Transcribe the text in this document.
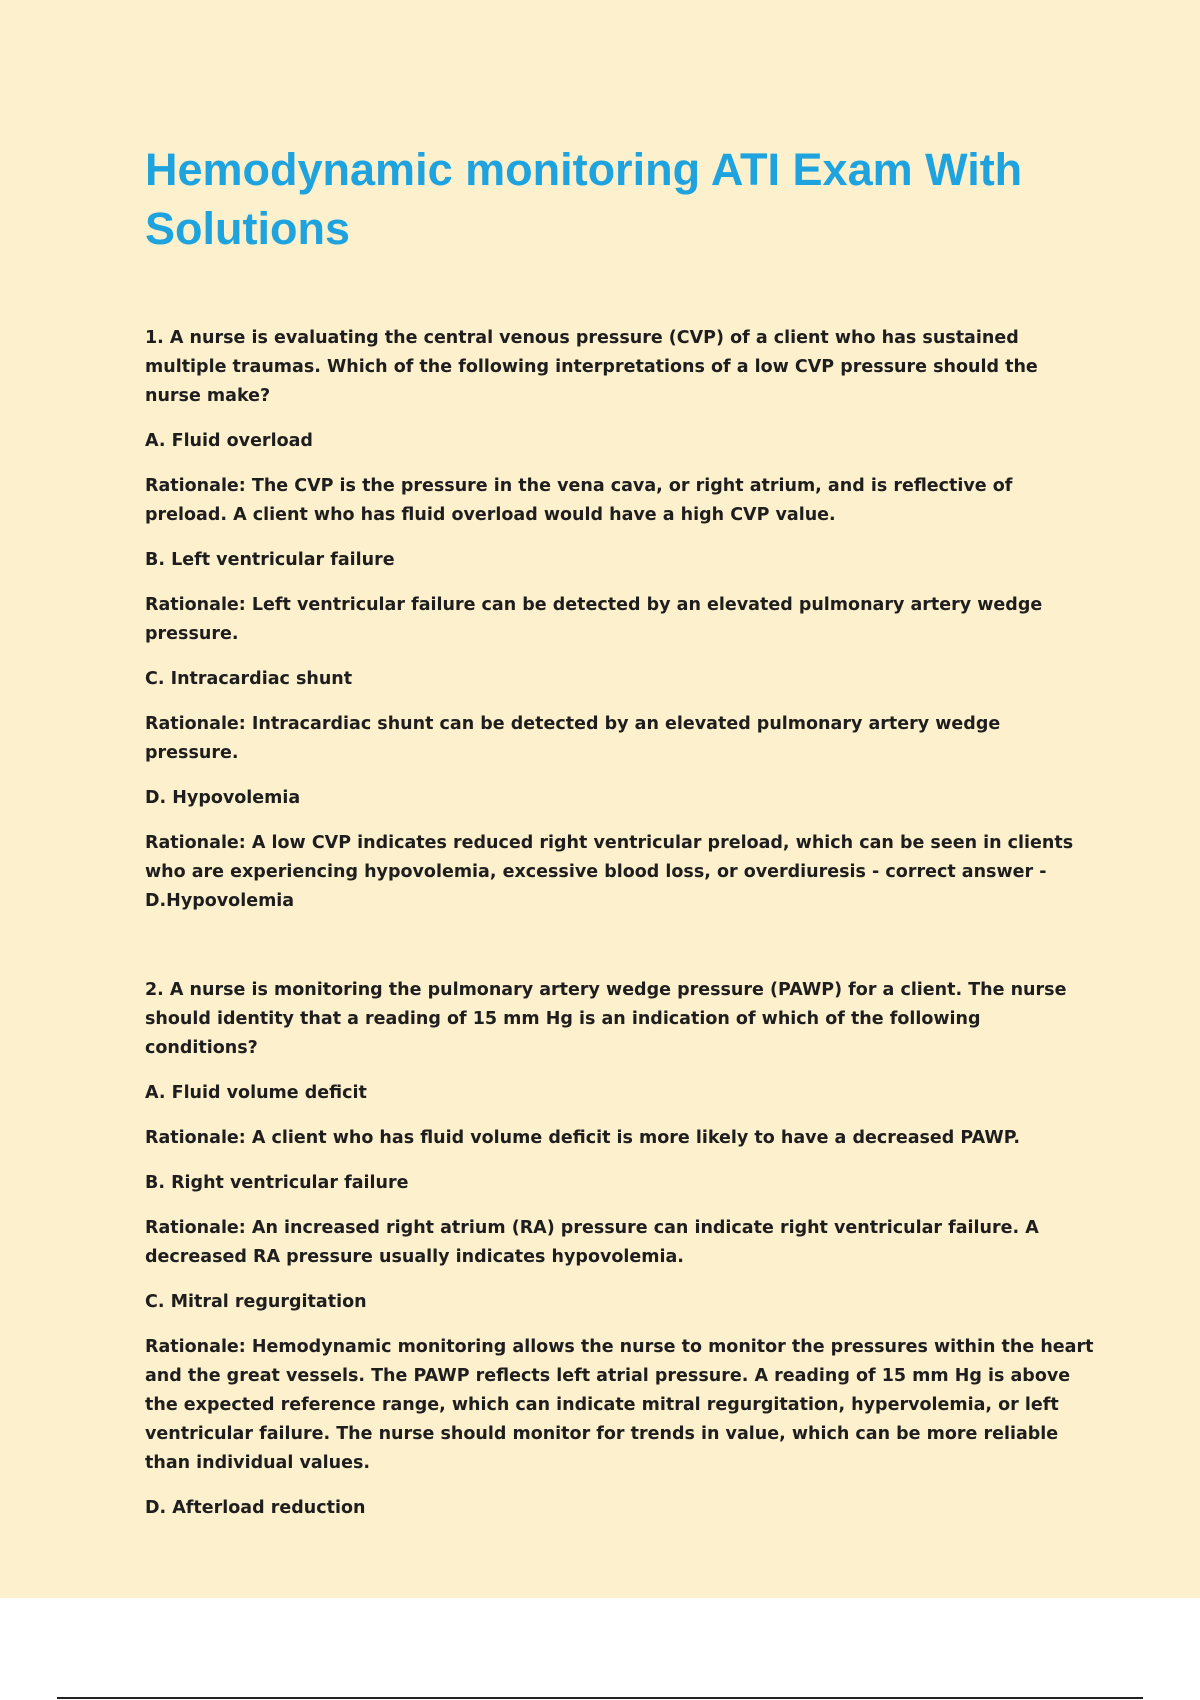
Hemodynamic monitoring ATI Exam With Solutions

1. A nurse is evaluating the central venous pressure (CVP) of a client who has sustained multiple traumas. Which of the following interpretations of a low CVP pressure should the nurse make?

A. Fluid overload

Rationale: The CVP is the pressure in the vena cava, or right atrium, and is reflective of preload. A client who has fluid overload would have a high CVP value.

B. Left ventricular failure

Rationale: Left ventricular failure can be detected by an elevated pulmonary artery wedge pressure.

C. Intracardiac shunt

Rationale: Intracardiac shunt can be detected by an elevated pulmonary artery wedge pressure.

D. Hypovolemia

Rationale: A low CVP indicates reduced right ventricular preload, which can be seen in clients who are experiencing hypovolemia, excessive blood loss, or overdiuresis - correct answer - D.Hypovolemia

2. A nurse is monitoring the pulmonary artery wedge pressure (PAWP) for a client. The nurse should identity that a reading of 15 mm Hg is an indication of which of the following conditions?

A. Fluid volume deficit

Rationale: A client who has fluid volume deficit is more likely to have a decreased PAWP.

B. Right ventricular failure

Rationale: An increased right atrium (RA) pressure can indicate right ventricular failure. A decreased RA pressure usually indicates hypovolemia.

C. Mitral regurgitation

Rationale: Hemodynamic monitoring allows the nurse to monitor the pressures within the heart and the great vessels. The PAWP reflects left atrial pressure. A reading of 15 mm Hg is above the expected reference range, which can indicate mitral regurgitation, hypervolemia, or left ventricular failure. The nurse should monitor for trends in value, which can be more reliable than individual values.

D. Afterload reduction
